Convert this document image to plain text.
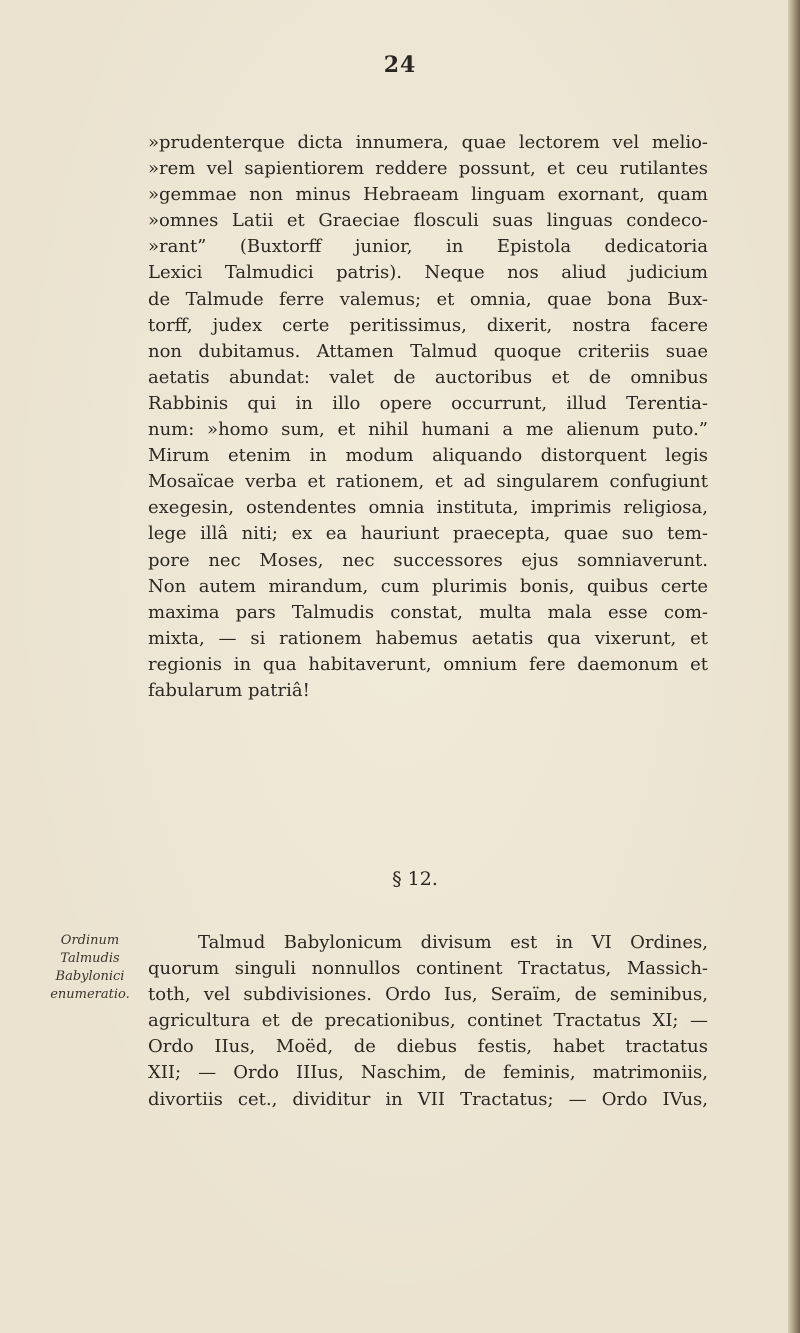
24
»prudenterque dicta innumera, quae lectorem vel melio-
»rem vel sapientiorem reddere possunt, et ceu rutilantes
»gemmae non minus Hebraeam linguam exornant, quam
»omnes Latii et Graeciae flosculi suas linguas condeco-
»rant” (Buxtorff junior, in Epistola dedicatoria
Lexici Talmudici patris). Neque nos aliud judicium
de Talmude ferre valemus; et omnia, quae bona Bux-
torff, judex certe peritissimus, dixerit, nostra facere
non dubitamus. Attamen Talmud quoque criteriis suae
aetatis abundat: valet de auctoribus et de omnibus
Rabbinis qui in illo opere occurrunt, illud Terentia-
num: »homo sum, et nihil humani a me alienum puto.”
Mirum etenim in modum aliquando distorquent legis
Mosaïcae verba et rationem, et ad singularem confugiunt
exegesin, ostendentes omnia instituta, imprimis religiosa,
lege illâ niti; ex ea hauriunt praecepta, quae suo tem-
pore nec Moses, nec successores ejus somniaverunt.
Non autem mirandum, cum plurimis bonis, quibus certe
maxima pars Talmudis constat, multa mala esse com-
mixta, — si rationem habemus aetatis qua vixerunt, et
regionis in qua habitaverunt, omnium fere daemonum et
fabularum patriâ!
§ 12.
Ordinum
Talmudis
Babylonici
enumeratio.
Talmud Babylonicum divisum est in VI Ordines,
quorum singuli nonnullos continent Tractatus, Massich-
toth, vel subdivisiones. Ordo Ius, Seraïm, de seminibus,
agricultura et de precationibus, continet Tractatus XI; —
Ordo IIus, Moëd, de diebus festis, habet tractatus
XII; — Ordo IIIus, Naschim, de feminis, matrimoniis,
divortiis cet., dividitur in VII Tractatus; — Ordo IVus,
